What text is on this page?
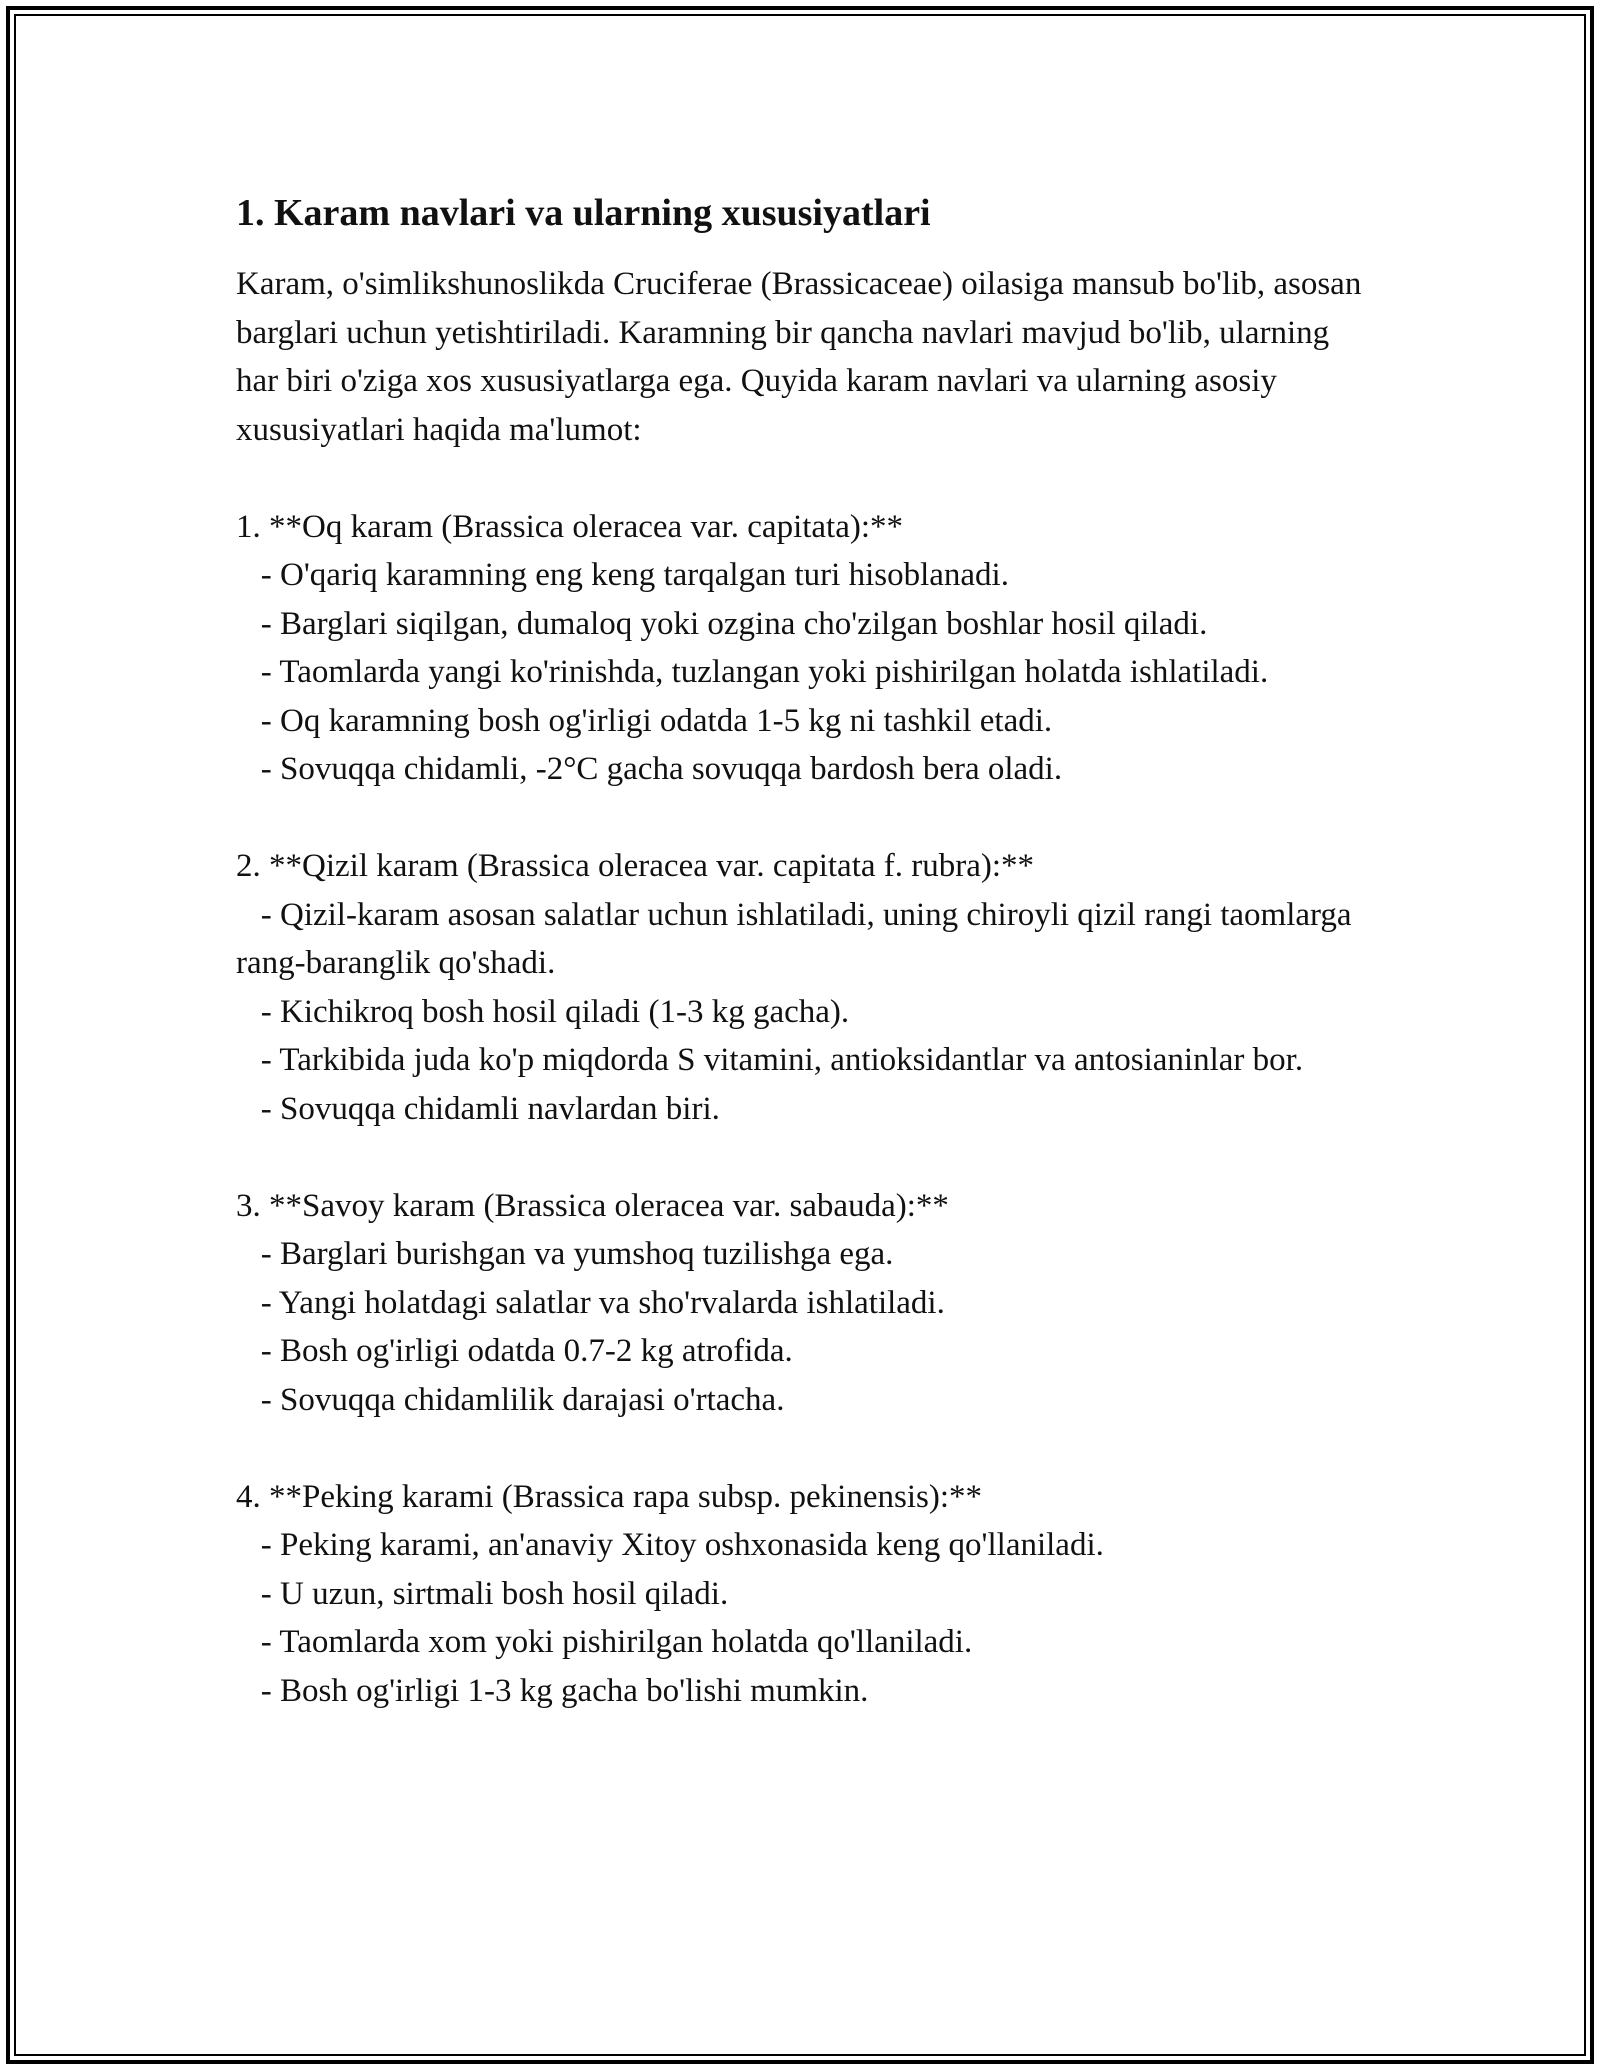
1. Karam navlari va ularning xususiyatlari

Karam, o'simlikshunoslikda Cruciferae (Brassicaceae) oilasiga mansub bo'lib, asosan barglari uchun yetishtiriladi. Karamning bir qancha navlari mavjud bo'lib, ularning har biri o'ziga xos xususiyatlarga ega. Quyida karam navlari va ularning asosiy xususiyatlari haqida ma'lumot:

1. **Oq karam (Brassica oleracea var. capitata):**

- O'qariq karamning eng keng tarqalgan turi hisoblanadi.

- Barglari siqilgan, dumaloq yoki ozgina cho'zilgan boshlar hosil qiladi.

- Taomlarda yangi ko'rinishda, tuzlangan yoki pishirilgan holatda ishlatiladi.

- Oq karamning bosh og'irligi odatda 1-5 kg ni tashkil etadi.

- Sovuqqa chidamli, -2°C gacha sovuqqa bardosh bera oladi.

2. **Qizil karam (Brassica oleracea var. capitata f. rubra):**

- Qizil-karam asosan salatlar uchun ishlatiladi, uning chiroyli qizil rangi taomlarga rang-baranglik qo'shadi.

- Kichikroq bosh hosil qiladi (1-3 kg gacha).

- Tarkibida juda ko'p miqdorda S vitamini, antioksidantlar va antosianinlar bor.

- Sovuqqa chidamli navlardan biri.

3. **Savoy karam (Brassica oleracea var. sabauda):**

- Barglari burishgan va yumshoq tuzilishga ega.

- Yangi holatdagi salatlar va sho'rvalarda ishlatiladi.

- Bosh og'irligi odatda 0.7-2 kg atrofida.

- Sovuqqa chidamlilik darajasi o'rtacha.

4. **Peking karami (Brassica rapa subsp. pekinensis):**

- Peking karami, an'anaviy Xitoy oshxonasida keng qo'llaniladi.

- U uzun, sirtmali bosh hosil qiladi.

- Taomlarda xom yoki pishirilgan holatda qo'llaniladi.

- Bosh og'irligi 1-3 kg gacha bo'lishi mumkin.
